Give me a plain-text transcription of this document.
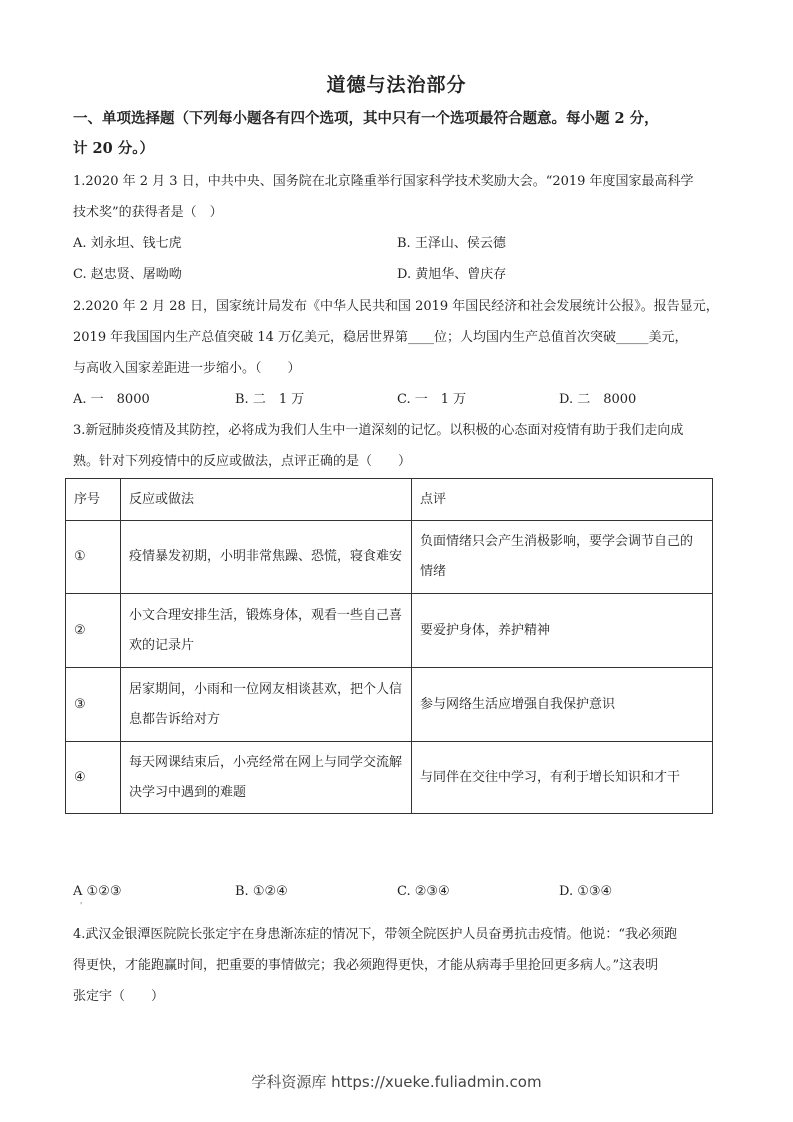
道德与法治部分
一、单项选择题（下列每小题各有四个选项，其中只有一个选项最符合题意。每小题 2 分，
计 20 分。）
1.2020 年 2 月 3 日，中共中央、国务院在北京隆重举行国家科学技术奖励大会。“2019 年度国家最高科学
技术奖”的获得者是（　）
A. 刘永坦、钱七虎	B. 王泽山、侯云德
C. 赵忠贤、屠呦呦	D. 黄旭华、曾庆存
2.2020 年 2 月 28 日，国家统计局发布《中华人民共和国 2019 年国民经济和社会发展统计公报》。报告显元，
2019 年我国国内生产总值突破 14 万亿美元，稳居世界第____位；人均国内生产总值首次突破_____美元，
与高收入国家差距进一步缩小。（　　）
A. 一　8000	B. 二　1 万	C. 一　1 万	D. 二　8000
3.新冠肺炎疫情及其防控，必将成为我们人生中一道深刻的记忆。以积极的心态面对疫情有助于我们走向成
熟。针对下列疫情中的反应或做法，点评正确的是（　　）
序号	反应或做法	点评
①	疫情暴发初期，小明非常焦躁、恐慌，寝食难安	负面情绪只会产生消极影响，要学会调节自己的情绪
②	小文合理安排生活，锻炼身体，观看一些自己喜欢的记录片	要爱护身体，养护精神
③	居家期间，小雨和一位网友相谈甚欢，把个人信息都告诉给对方	参与网络生活应增强自我保护意识
④	每天网课结束后，小亮经常在网上与同学交流解决学习中遇到的难题	与同伴在交往中学习，有利于增长知识和才干
A ①②③	B. ①②④	C. ②③④	D. ①③④
'
4.武汉金银潭医院院长张定宇在身患渐冻症的情况下，带领全院医护人员奋勇抗击疫情。他说：“我必须跑
得更快，才能跑赢时间，把重要的事情做完；我必须跑得更快，才能从病毒手里抢回更多病人。”这表明
张定宇（　　）
学科资源库 https://xueke.fuliadmin.com
